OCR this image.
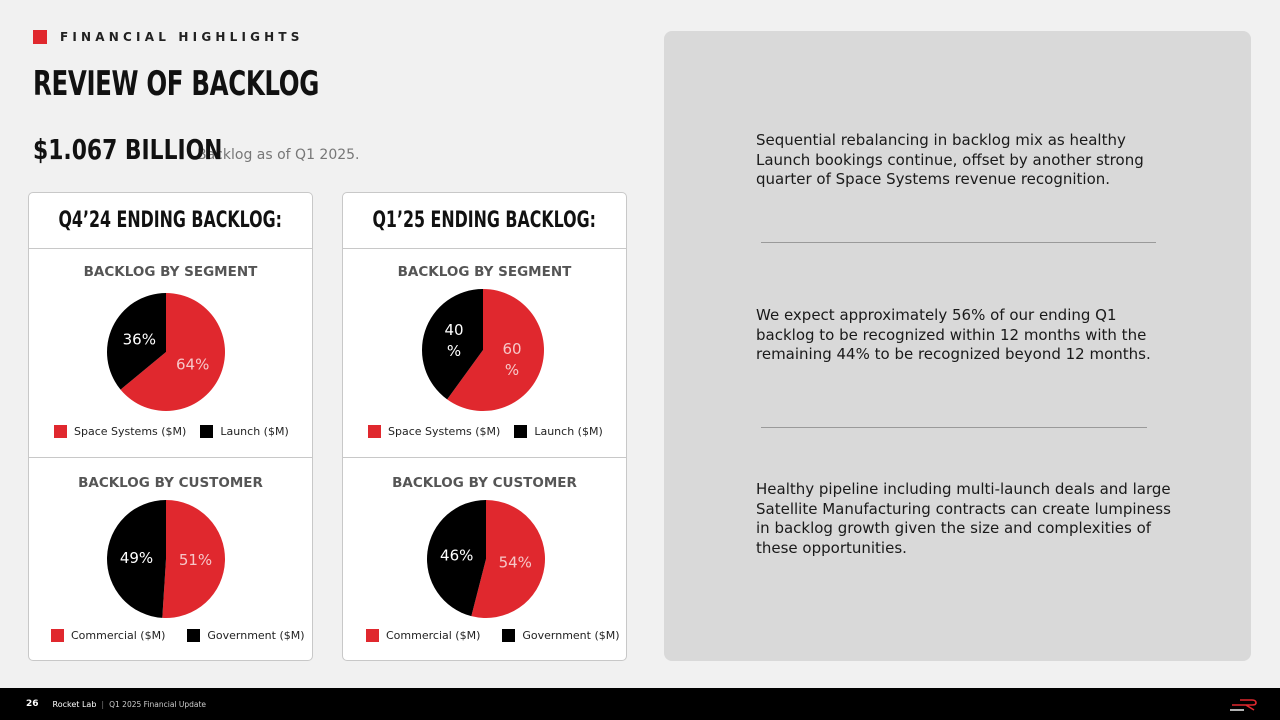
FINANCIAL HIGHLIGHTS
REVIEW OF BACKLOG
$1.067 BILLION
Backlog as of Q1 2025.
Q4’24 ENDING BACKLOG:
BACKLOG BY SEGMENT
64%
36%
Space Systems ($M)	Launch ($M)
BACKLOG BY CUSTOMER
51%
49%
Commercial ($M)	Government ($M)
Q1’25 ENDING BACKLOG:
BACKLOG BY SEGMENT
60 %
40 %
Space Systems ($M)	Launch ($M)
BACKLOG BY CUSTOMER
54%
46%
Commercial ($M)	Government ($M)
Sequential rebalancing in backlog mix as healthy Launch bookings continue, offset by another strong quarter of Space Systems revenue recognition.
We expect approximately 56% of our ending Q1 backlog to be recognized within 12 months with the remaining 44% to be recognized beyond 12 months.
Healthy pipeline including multi-launch deals and large Satellite Manufacturing contracts can create lumpiness in backlog growth given the size and complexities of these opportunities.
26 Rocket Lab | Q1 2025 Financial Update
